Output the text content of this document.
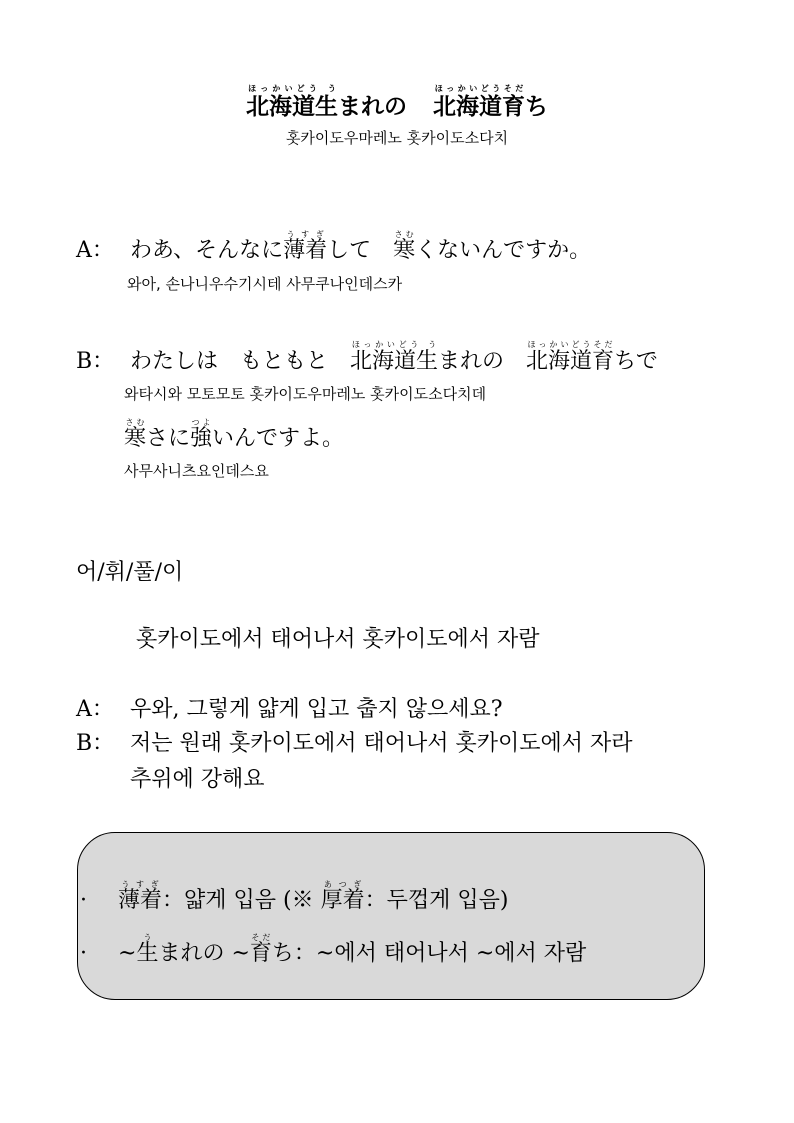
北海道生ほっかいどう うまれの 北海道育ほっかいどうそだち
홋카이도우마레노 홋카이도소다치
A： わあ、そんなに薄着うすぎして　寒さむくないんですか。
와아, 손나니우수기시테 사무쿠나인데스카
B： わたしは　もともと　北海道生ほっかいどう うまれの　北海道育ほっかいどうそだちで
와타시와 모토모토 홋카이도우마레노 홋카이도소다치데
寒さむさに強つよいんですよ。
사무사니츠요인데스요
어/휘/풀/이
홋카이도에서 태어나서 홋카이도에서 자람
A： 우와, 그렇게 얇게 입고 춥지 않으세요?
B： 저는 원래 홋카이도에서 태어나서 홋카이도에서 자라
추위에 강해요
· 薄着うすぎ：얇게 입음 (※ 厚着あつぎ：두껍게 입음)
· ~生うまれの ~育そだち：~에서 태어나서 ~에서 자람
